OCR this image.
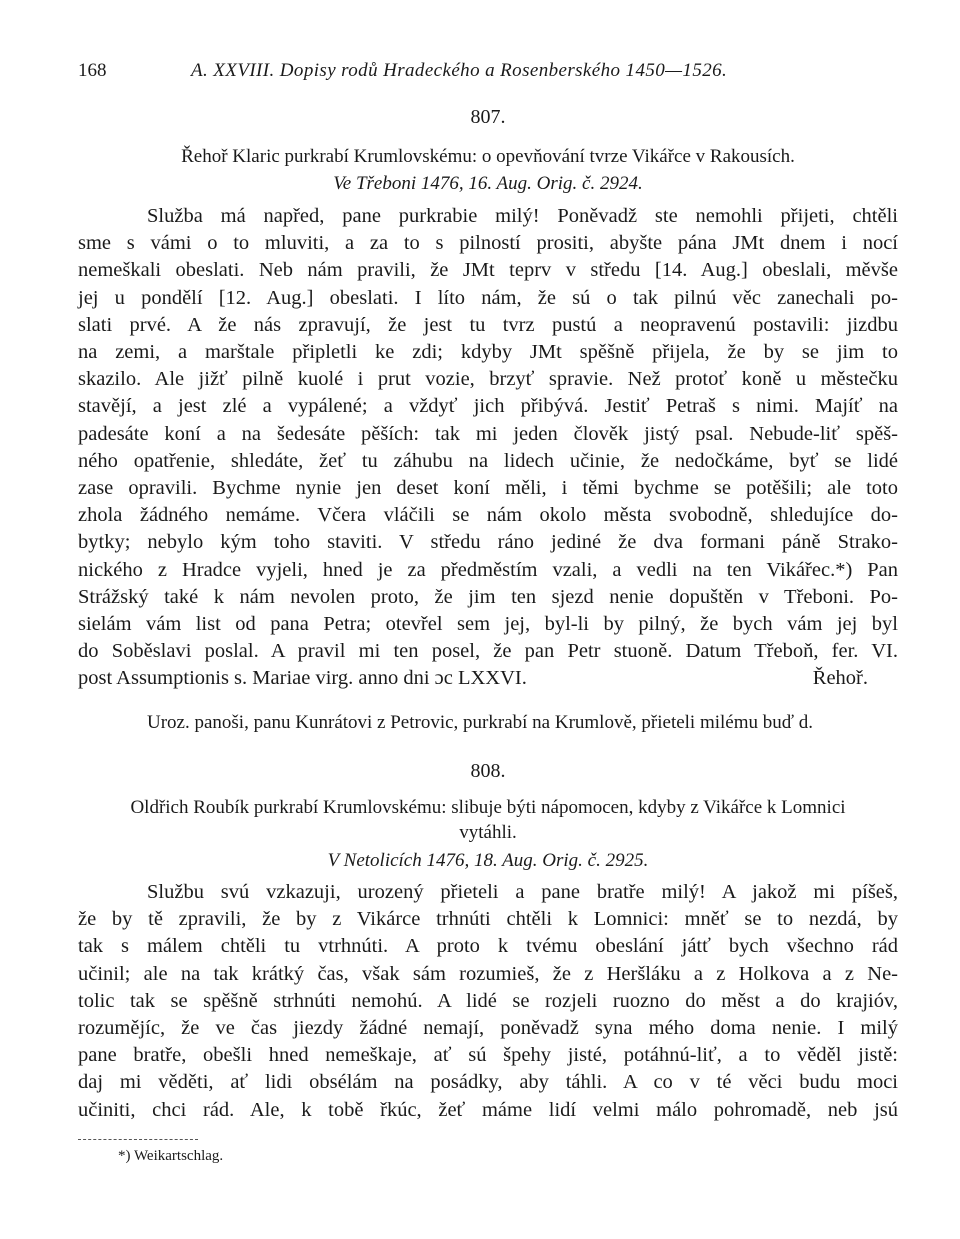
168	A. XXVIII. Dopisy rodů Hradeckého a Rosenberského 1450—1526.
807.
Řehoř Klaric purkrabí Krumlovskému: o opevňování tvrze Vikářce v Rakousích.
Ve Třeboni 1476, 16. Aug. Orig. č. 2924.
Služba má napřed, pane purkrabie milý! Poněvadž ste nemohli přijeti, chtěli
sme s vámi o to mluviti, a za to s pilností prositi, abyšte pána JMt dnem i nocí
nemeškali obeslati. Neb nám pravili, že JMt teprv v středu [14. Aug.] obeslali, měvše
jej u pondělí [12. Aug.] obeslati. I líto nám, že sú o tak pilnú věc zanechali po-
slati prvé. A že nás zpravují, že jest tu tvrz pustú a neopravenú postavili: jizdbu
na zemi, a marštale připletli ke zdi; kdyby JMt spěšně přijela, že by se jim to
skazilo. Ale jižť pilně kuolé i prut vozie, brzyť spravie. Než protoť koně u městečku
stavějí, a jest zlé a vypálené; a vždyť jich přibývá. Jestiť Petraš s nimi. Majíť na
padesáte koní a na šedesáte pěších: tak mi jeden člověk jistý psal. Nebude-liť spěš-
ného opatřenie, shledáte, žeť tu záhubu na lidech učinie, že nedočkáme, byť se lidé
zase opravili. Bychme nynie jen deset koní měli, i těmi bychme se potěšili; ale toto
zhola žádného nemáme. Včera vláčili se nám okolo města svobodně, shledujíce do-
bytky; nebylo kým toho staviti. V středu ráno jediné že dva formani páně Strako-
nického z Hradce vyjeli, hned je za předměstím vzali, a vedli na ten Vikářec.*) Pan
Strážský také k nám nevolen proto, že jim ten sjezd nenie dopuštěn v Třeboni. Po-
sielám vám list od pana Petra; otevřel sem jej, byl-li by pilný, že bych vám jej byl
do Soběslavi poslal. A pravil mi ten posel, že pan Petr stuoně. Datum Třeboň, fer. VI.
post Assumptionis s. Mariae virg. anno dni ɔc LXXVI.	Řehoř.
Uroz. panoši, panu Kunrátovi z Petrovic, purkrabí na Krumlově, přieteli milému buď d.
808.
Oldřich Roubík purkrabí Krumlovskému: slibuje býti nápomocen, kdyby z Vikářce k Lomnici
vytáhli.
V Netolicích 1476, 18. Aug. Orig. č. 2925.
Službu svú vzkazuji, urozený přieteli a pane bratře milý! A jakož mi píšeš,
že by tě zpravili, že by z Vikárce trhnúti chtěli k Lomnici: mněť se to nezdá, by
tak s málem chtěli tu vtrhnúti. A proto k tvému obeslání játť bych všechno rád
učinil; ale na tak krátký čas, však sám rozumieš, že z Heršláku a z Holkova a z Ne-
tolic tak se spěšně strhnúti nemohú. A lidé se rozjeli ruozno do měst a do krajióv,
rozumějíc, že ve čas jiezdy žádné nemají, poněvadž syna mého doma nenie. I milý
pane bratře, obešli hned nemeškaje, ať sú špehy jisté, potáhnú-liť, a to věděl jistě:
daj mi věděti, ať lidi obsélám na posádky, aby táhli. A co v té věci budu moci
učiniti, chci rád. Ale, k tobě řkúc, žeť máme lidí velmi málo pohromadě, neb jsú
*) Weikartschlag.
